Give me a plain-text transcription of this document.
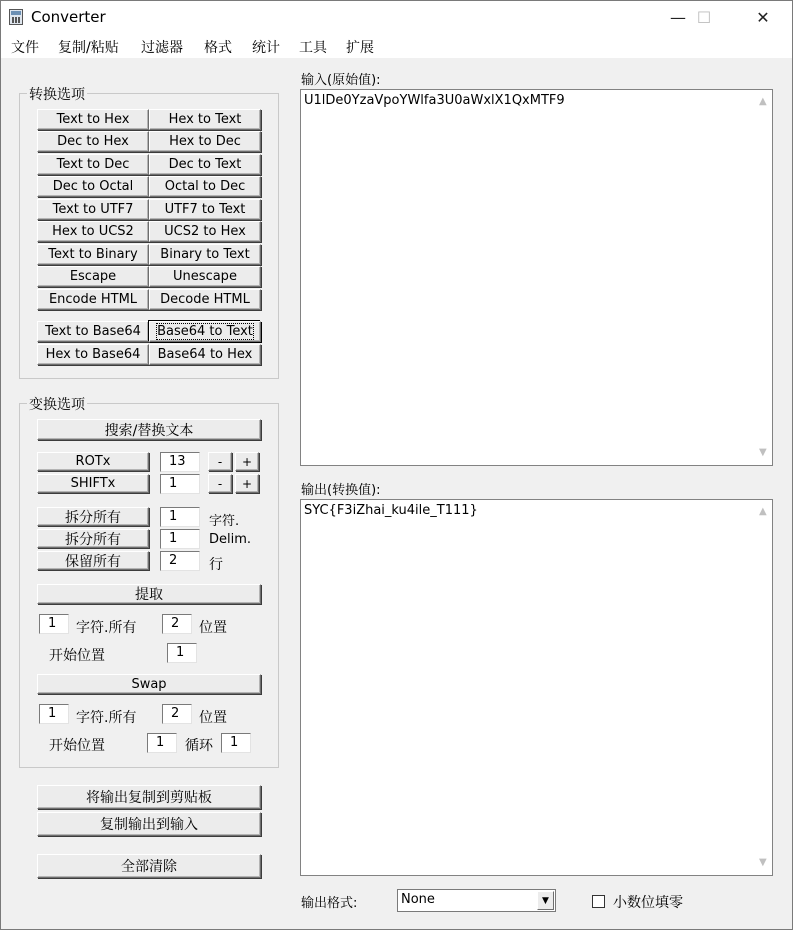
Converter	— ☐	✕
文件 复制/粘贴 过滤器 格式 统计 工具 扩展
转换选项
Text to Hex	Hex to Text
Dec to Hex	Hex to Dec
Text to Dec	Dec to Text
Dec to Octal Octal to Dec
Text to UTF7 UTF7 to Text
Hex to UCS2 UCS2 to Hex
Text to Binary Binary to Text
Escape	Unescape
Encode HTML Decode HTML
Text to Base64 Base64 to Text
Hex to Base64 Base64 to Hex
变换选项
搜索/替换文本
ROTx	13	- +
SHIFTx	1	- +
拆分所有	1	字符.
拆分所有	1	Delim.
保留所有	2	行
提取
1	字符.所有	2	位置
开始位置	1
Swap
1	字符.所有	2	位置
开始位置	1	循环	1
将输出复制到剪贴板
复制输出到输入
全部清除
输入(原始值):
U1lDe0YzaVpoYWlfa3U0aWxlX1QxMTF9	▲
▼
输出(转换值):
SYC{F3iZhai_ku4ile_T111}	▲
▼
输出格式:	None	▼	小数位填零
